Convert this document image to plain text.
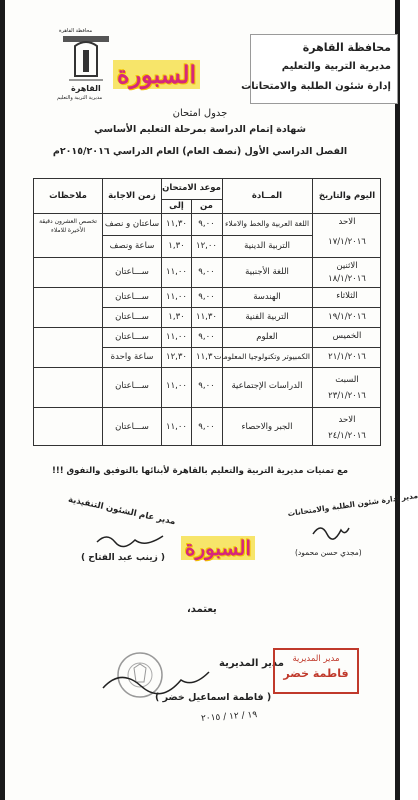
محافظة القاهرة
مديرية التربية والتعليم
إدارة شئون الطلبة والامتحانات
محافظة القاهرة
القاهرة
مديرية التربية والتعليم
السبورة
جدول امتحان
شهادة إتمام الدراسة بمرحلة التعليم الأساسي
الفصل الدراسي الأول (نصف العام) العام الدراسي ٢٠١٥/٢٠١٦م
اليوم والتاريخ
المــادة
موعد الامتحان
من
إلى
زمن الاجابة
ملاحظات
الاحد
١٧/١/٢٠١٦
اللغة العربية والخط والاملاء
٩,٠٠
١١,٣٠
ساعتان و نصف
تخصص العشرون دقيقة الأخيرة للاملاء
التربية الدينية
١٢,٠٠
١,٣٠
ساعة ونصف
الاثنين
١٨/١/٢٠١٦
اللغة الأجنبية
٩,٠٠
١١,٠٠
ســـاعتان
الثلاثاء
الهندسة
٩,٠٠
١١,٠٠
ســـاعتان
١٩/١/٢٠١٦
التربية الفنية
١١,٣٠
١,٣٠
ســـاعتان
الخميس
العلوم
٩,٠٠
١١,٠٠
ســـاعتان
٢١/١/٢٠١٦
الكمبيوتر وتكنولوجيا المعلومات
١١,٣٠
١٢,٣٠
ساعة واحدة
السبت
٢٣/١/٢٠١٦
الدراسات الإجتماعية
٩,٠٠
١١,٠٠
ســـاعتان
الاحد
٢٤/١/٢٠١٦
الجبر والاحصاء
٩,٠٠
١١,٠٠
ســـاعتان
مع تمنيات مديرية التربية والتعليم بالقاهرة لأبنائها بالتوفيق والتفوق !!!
مدير إدارة شئون الطلبة والامتحانات
(مجدي حسن محمود)
مدير عام الشئون التنفيذية
( زينب عبد الفتاح ) السبورة
يعتمد،
مدير المديرية
( فاطمة اسماعيل خضر )
١٩ / ١٢ / ٢٠١٥
مدير المديرية
فاطمة خضر
